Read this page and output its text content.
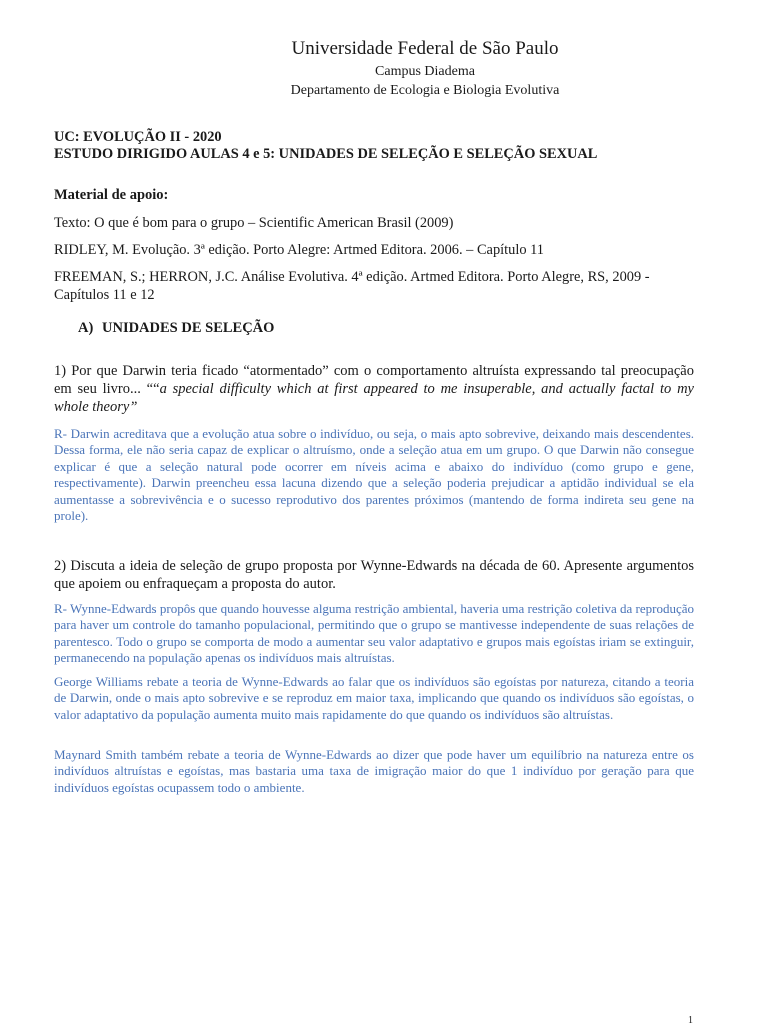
Universidade Federal de São Paulo
Campus Diadema
Departamento de Ecologia e Biologia Evolutiva
UC: EVOLUÇÃO II - 2020
ESTUDO DIRIGIDO AULAS 4 e 5: UNIDADES DE SELEÇÃO E SELEÇÃO SEXUAL
Material de apoio:
Texto: O que é bom para o grupo – Scientific American Brasil (2009)
RIDLEY, M. Evolução. 3ª edição. Porto Alegre: Artmed Editora. 2006. – Capítulo 11
FREEMAN, S.; HERRON, J.C. Análise Evolutiva. 4ª edição. Artmed Editora. Porto Alegre, RS, 2009 - Capítulos 11 e 12
A) UNIDADES DE SELEÇÃO
1) Por que Darwin teria ficado “atormentado” com o comportamento altruísta expressando tal preocupação em seu livro... ““a special difficulty which at first appeared to me insuperable, and actually factal to my whole theory”
R- Darwin acreditava que a evolução atua sobre o indivíduo, ou seja, o mais apto sobrevive, deixando mais descendentes. Dessa forma, ele não seria capaz de explicar o altruísmo, onde a seleção atua em um grupo. O que Darwin não consegue explicar é que a seleção natural pode ocorrer em níveis acima e abaixo do indivíduo (como grupo e gene, respectivamente). Darwin preencheu essa lacuna dizendo que a seleção poderia prejudicar a aptidão individual se ela aumentasse a sobrevivência e o sucesso reprodutivo dos parentes próximos (mantendo de forma indireta seu gene na prole).
2) Discuta a ideia de seleção de grupo proposta por Wynne-Edwards na década de 60. Apresente argumentos que apoiem ou enfraqueçam a proposta do autor.
R- Wynne-Edwards propôs que quando houvesse alguma restrição ambiental, haveria uma restrição coletiva da reprodução para haver um controle do tamanho populacional, permitindo que o grupo se mantivesse independente de suas relações de parentesco. Todo o grupo se comporta de modo a aumentar seu valor adaptativo e grupos mais egoístas iriam se extinguir, permanecendo na população apenas os indivíduos mais altruístas.
George Williams rebate a teoria de Wynne-Edwards ao falar que os indivíduos são egoístas por natureza, citando a teoria de Darwin, onde o mais apto sobrevive e se reproduz em maior taxa, implicando que quando os indivíduos são egoístas, o valor adaptativo da população aumenta muito mais rapidamente do que quando os indivíduos são altruístas.
Maynard Smith também rebate a teoria de Wynne-Edwards ao dizer que pode haver um equilíbrio na natureza entre os indivíduos altruístas e egoístas, mas bastaria uma taxa de imigração maior do que 1 indivíduo por geração para que indivíduos egoístas ocupassem todo o ambiente.
1
